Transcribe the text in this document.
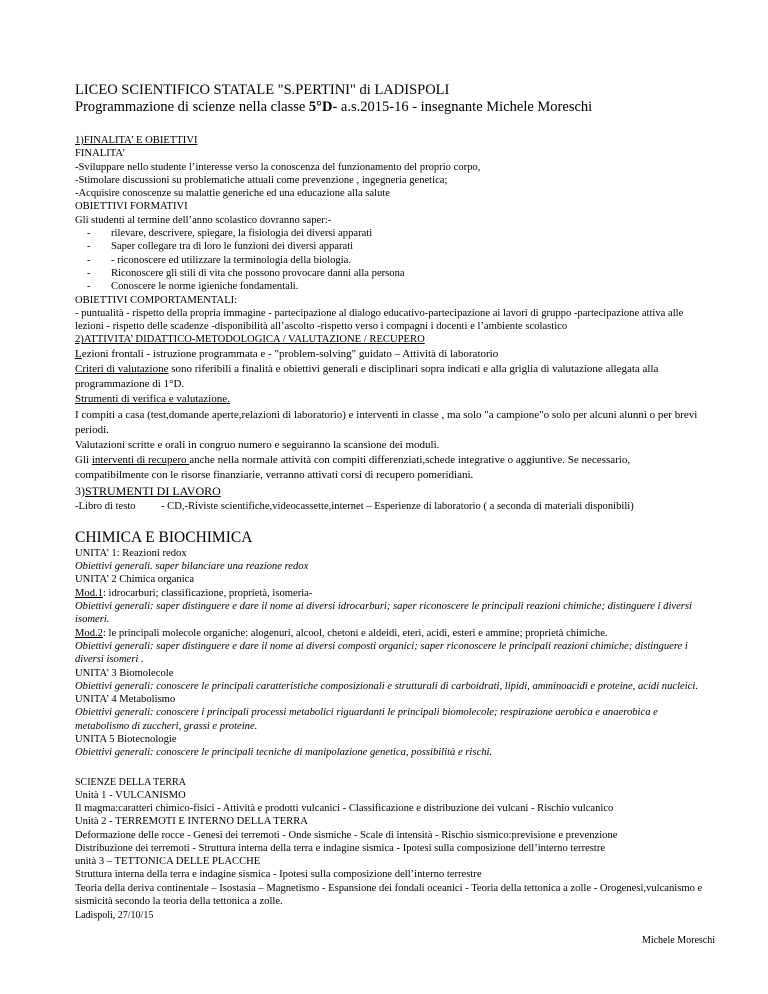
LICEO SCIENTIFICO STATALE "S.PERTINI" di LADISPOLI

Programmazione di scienze nella classe 5°D- a.s.2015-16 - insegnante Michele Moreschi

1)FINALITA’ E OBIETTIVI

FINALITA’

-Sviluppare nello studente l’interesse verso la conoscenza del funzionamento del proprio corpo,

-Stimolare discussioni su problematiche attuali come prevenzione , ingegneria genetica;

-Acquisire conoscenze su malattie generiche ed una educazione alla salute

OBIETTIVI FORMATIVI

Gli studenti al termine dell’anno scolastico dovranno saper:-

-	rilevare, descrivere, spiegare, la fisiologia dei diversi apparati
-	Saper collegare tra di loro le funzioni dei diversi apparati
-	- riconoscere ed utilizzare la terminologia della biologia.
-	Riconoscere gli stili di vita che possono provocare danni alla persona
-	Conoscere le norme igieniche fondamentali.

OBIETTIVI COMPORTAMENTALI:

- puntualità - rispetto della propria immagine - partecipazione al dialogo educativo-partecipazione ai lavori di gruppo -partecipazione attiva alle lezioni - rispetto delle scadenze -disponibilità all’ascolto -rispetto verso i compagni i docenti e l’ambiente scolastico

2)ATTIVITA’ DIDATTICO-METODOLOGICA / VALUTAZIONE / RECUPERO

Lezioni frontali - istruzione programmata e - "problem-solving" guidato – Attività di laboratorio

Criteri di valutazione sono riferibili a finalità e obiettivi generali e disciplinari sopra indicati e alla griglia di valutazione allegata alla programmazione di 1°D.

Strumenti di verifica e valutazione.

I compiti a casa (test,domande aperte,relazioni di laboratorio) e interventi in classe , ma solo "a campione"o solo per alcuni alunni o per brevi periodi.

Valutazioni scritte e orali in congruo numero e seguiranno la scansione dei moduli.

Gli interventi di recupero anche nella normale attività con compiti differenziati,schede integrative o aggiuntive. Se necessario, compatibilmente con le risorse finanziarie, verranno attivati corsi di recupero pomeridiani.

3)STRUMENTI DI LAVORO

-Libro di testo - CD,-Riviste scientifiche,videocassette,internet – Esperienze di laboratorio ( a seconda di materiali disponibili)

CHIMICA E BIOCHIMICA

UNITA’ 1: Reazioni redox

Obiettivi generali. saper bilanciare una reazione redox

UNITA’ 2 Chimica organica

Mod.1: idrocarburi; classificazione, proprietà, isomeria-

Obiettivi generali: saper distinguere e dare il nome ai diversi idrocarburi; saper riconoscere le principali reazioni chimiche; distinguere i diversi isomeri.

Mod.2: le principali molecole organiche: alogenuri, alcool, chetoni e aldeidi, eteri, acidi, esteri e ammine; proprietà chimiche.

Obiettivi generali: saper distinguere e dare il nome ai diversi composti organici; saper riconoscere le principali reazioni chimiche; distinguere i diversi isomeri .

UNITA’ 3 Biomolecole

Obiettivi generali: conoscere le principali caratteristiche composizionali e strutturali di carboidrati, lipidi, amminoacidi e proteine, acidi nucleici.

UNITA’ 4 Metabolismo

Obiettivi generali: conoscere i principali processi metabolici riguardanti le principali biomolecole; respirazione aerobica e anaerobica e metabolismo di zuccheri, grassi e proteine.

UNITA 5 Biotecnologie

Obiettivi generali: conoscere le principali tecniche di manipolazione genetica, possibilità e rischi.

SCIENZE DELLA TERRA

Unità 1 - VULCANISMO

Il magma:caratteri chimico-fisici - Attività e prodotti vulcanici - Classificazione e distribuzione dei vulcani - Rischio vulcanico

Unità 2 - TERREMOTI E INTERNO DELLA TERRA

Deformazione delle rocce - Genesi dei terremoti - Onde sismiche - Scale di intensità - Rischio sismico:previsione e prevenzione

Distribuzione dei terremoti - Struttura interna della terra e indagine sismica - Ipotesi sulla composizione dell’interno terrestre

unità 3 – TETTONICA DELLE PLACCHE

Struttura interna della terra e indagine sismica - Ipotesi sulla composizione dell’interno terrestre

Teoria della deriva continentale – Isostasia – Magnetismo - Espansione dei fondali oceanici - Teoria della tettonica a zolle - Orogenesi,vulcanismo e sismicità secondo la teoria della tettonica a zolle.

Ladispoli, 27/10/15
Michele Moreschi
